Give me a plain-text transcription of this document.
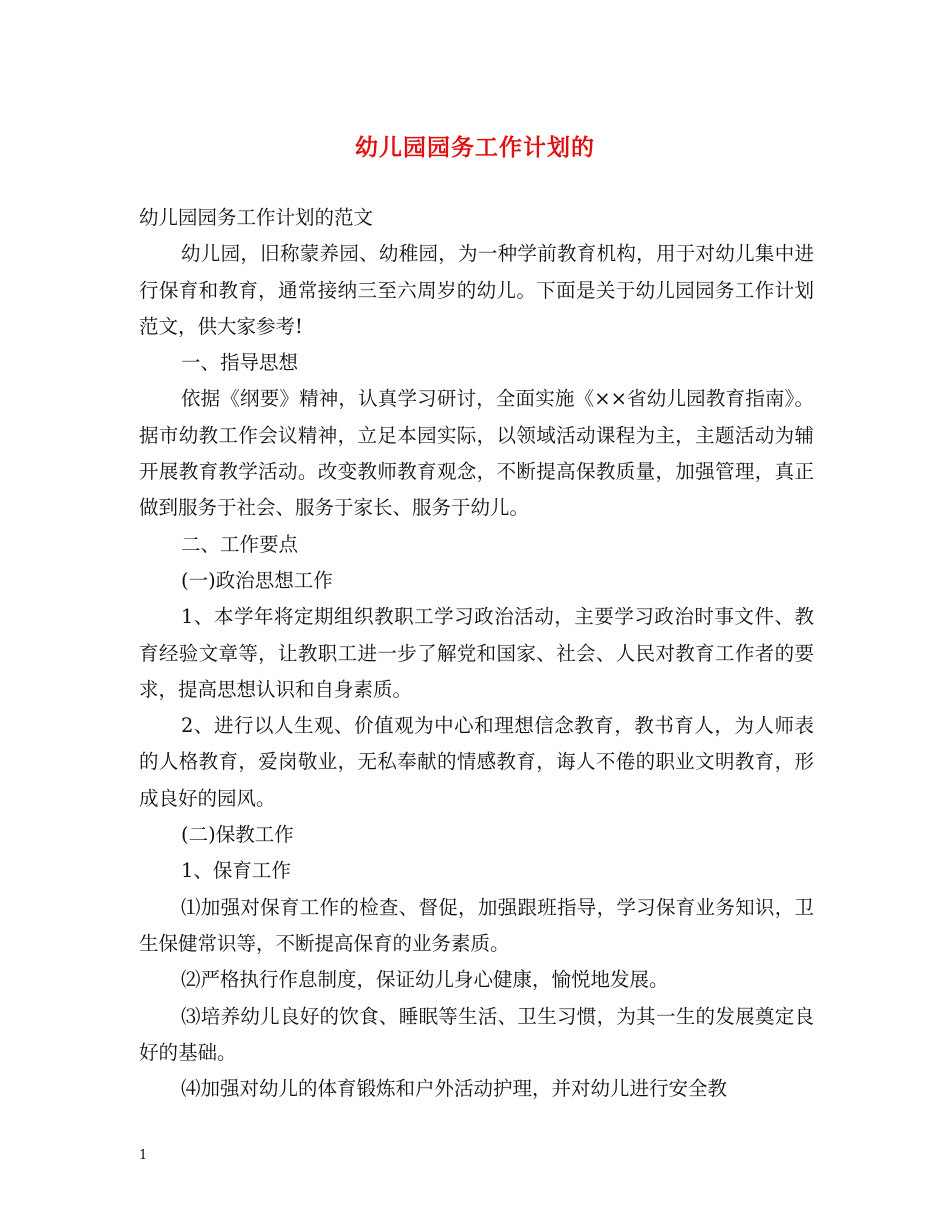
幼儿园园务工作计划的

幼儿园园务工作计划的范文

幼儿园，旧称蒙养园、幼稚园，为一种学前教育机构，用于对幼儿集中进行保育和教育，通常接纳三至六周岁的幼儿。下面是关于幼儿园园务工作计划范文，供大家参考!

一、指导思想

依据《纲要》精神，认真学习研讨，全面实施《××省幼儿园教育指南》。据市幼教工作会议精神，立足本园实际，以领域活动课程为主，主题活动为辅开展教育教学活动。改变教师教育观念，不断提高保教质量，加强管理，真正做到服务于社会、服务于家长、服务于幼儿。

二、工作要点

(一)政治思想工作

1、本学年将定期组织教职工学习政治活动，主要学习政治时事文件、教育经验文章等，让教职工进一步了解党和国家、社会、人民对教育工作者的要求，提高思想认识和自身素质。

2、进行以人生观、价值观为中心和理想信念教育，教书育人，为人师表的人格教育，爱岗敬业，无私奉献的情感教育，诲人不倦的职业文明教育，形成良好的园风。

(二)保教工作

1、保育工作

⑴加强对保育工作的检查、督促，加强跟班指导，学习保育业务知识，卫生保健常识等，不断提高保育的业务素质。

⑵严格执行作息制度，保证幼儿身心健康，愉悦地发展。

⑶培养幼儿良好的饮食、睡眠等生活、卫生习惯，为其一生的发展奠定良好的基础。

⑷加强对幼儿的体育锻炼和户外活动护理，并对幼儿进行安全教

1
